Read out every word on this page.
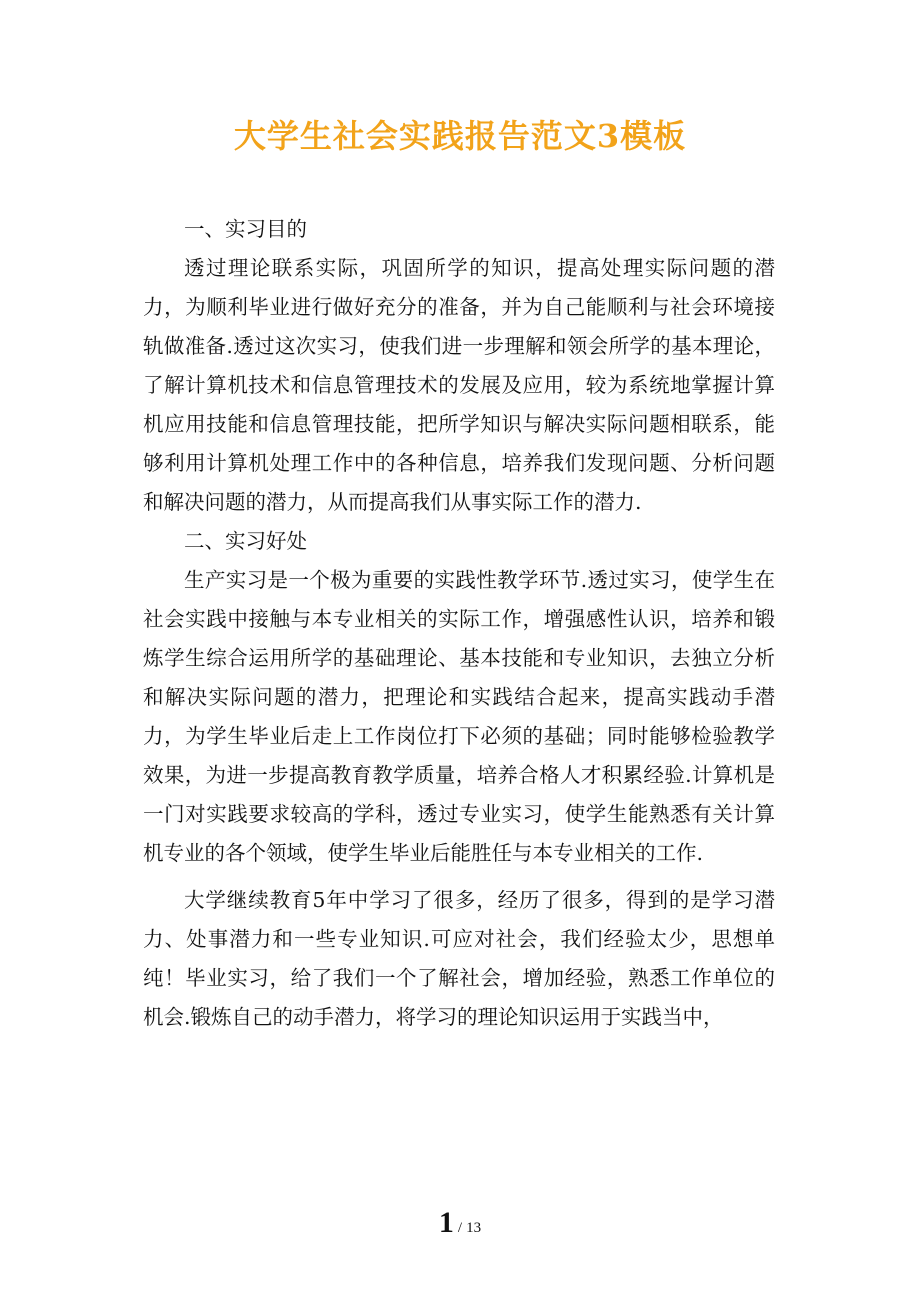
大学生社会实践报告范文3模板

一、实习目的

透过理论联系实际，巩固所学的知识，提高处理实际问题的潜力，为顺利毕业进行做好充分的准备，并为自己能顺利与社会环境接轨做准备.透过这次实习，使我们进一步理解和领会所学的基本理论，了解计算机技术和信息管理技术的发展及应用，较为系统地掌握计算机应用技能和信息管理技能，把所学知识与解决实际问题相联系，能够利用计算机处理工作中的各种信息，培养我们发现问题、分析问题和解决问题的潜力，从而提高我们从事实际工作的潜力.

二、实习好处

生产实习是一个极为重要的实践性教学环节.透过实习，使学生在社会实践中接触与本专业相关的实际工作，增强感性认识，培养和锻炼学生综合运用所学的基础理论、基本技能和专业知识，去独立分析和解决实际问题的潜力，把理论和实践结合起来，提高实践动手潜力，为学生毕业后走上工作岗位打下必须的基础；同时能够检验教学效果，为进一步提高教育教学质量，培养合格人才积累经验.计算机是一门对实践要求较高的学科，透过专业实习，使学生能熟悉有关计算机专业的各个领域，使学生毕业后能胜任与本专业相关的工作.

大学继续教育5年中学习了很多，经历了很多，得到的是学习潜力、处事潜力和一些专业知识.可应对社会，我们经验太少，思想单纯！毕业实习，给了我们一个了解社会，增加经验，熟悉工作单位的机会.锻炼自己的动手潜力，将学习的理论知识运用于实践当中，

1 / 13
